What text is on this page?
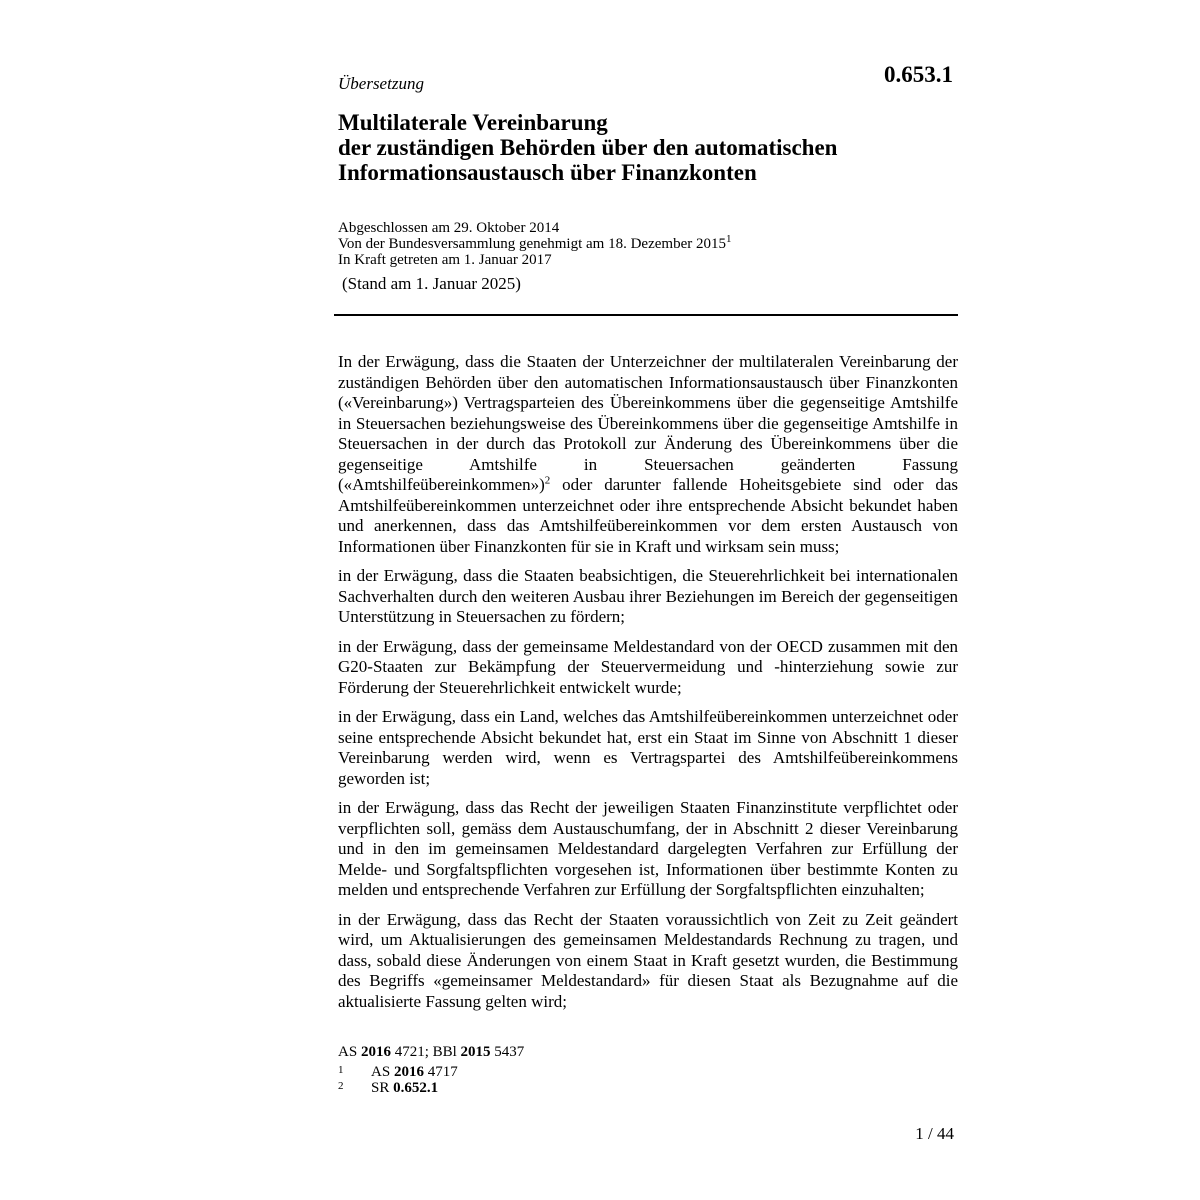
Übersetzung	0.653.1
Multilaterale Vereinbarung
der zuständigen Behörden über den automatischen
Informationsaustausch über Finanzkonten
Abgeschlossen am 29. Oktober 2014
Von der Bundesversammlung genehmigt am 18. Dezember 2015$^1$
In Kraft getreten am 1. Januar 2017
(Stand am 1. Januar 2025)

In der Erwägung, dass die Staaten der Unterzeichner der multilateralen Vereinbarung der zuständigen Behörden über den automatischen Informationsaustausch über Finanzkonten («Vereinbarung») Vertragsparteien des Übereinkommens über die gegenseitige Amtshilfe in Steuersachen beziehungsweise des Übereinkommens über die gegenseitige Amtshilfe in Steuersachen in der durch das Protokoll zur Änderung des Übereinkommens über die gegenseitige Amtshilfe in Steuersachen geänderten Fassung («Amtshilfeübereinkommen»)$^2$ oder darunter fallende Hoheitsgebiete sind oder das Amtshilfeübereinkommen unterzeichnet oder ihre entsprechende Absicht bekundet haben und anerkennen, dass das Amtshilfeübereinkommen vor dem ersten Austausch von Informationen über Finanzkonten für sie in Kraft und wirksam sein muss;

in der Erwägung, dass die Staaten beabsichtigen, die Steuerehrlichkeit bei internationalen Sachverhalten durch den weiteren Ausbau ihrer Beziehungen im Bereich der gegenseitigen Unterstützung in Steuersachen zu fördern;

in der Erwägung, dass der gemeinsame Meldestandard von der OECD zusammen mit den G20-Staaten zur Bekämpfung der Steuervermeidung und -hinterziehung sowie zur Förderung der Steuerehrlichkeit entwickelt wurde;

in der Erwägung, dass ein Land, welches das Amtshilfeübereinkommen unterzeichnet oder seine entsprechende Absicht bekundet hat, erst ein Staat im Sinne von Abschnitt 1 dieser Vereinbarung werden wird, wenn es Vertragspartei des Amtshilfeübereinkommens geworden ist;

in der Erwägung, dass das Recht der jeweiligen Staaten Finanzinstitute verpflichtet oder verpflichten soll, gemäss dem Austauschumfang, der in Abschnitt 2 dieser Vereinbarung und in den im gemeinsamen Meldestandard dargelegten Verfahren zur Erfüllung der Melde- und Sorgfaltspflichten vorgesehen ist, Informationen über bestimmte Konten zu melden und entsprechende Verfahren zur Erfüllung der Sorgfaltspflichten einzuhalten;

in der Erwägung, dass das Recht der Staaten voraussichtlich von Zeit zu Zeit geändert wird, um Aktualisierungen des gemeinsamen Meldestandards Rechnung zu tragen, und dass, sobald diese Änderungen von einem Staat in Kraft gesetzt wurden, die Bestimmung des Begriffs «gemeinsamer Meldestandard» für diesen Staat als Bezugnahme auf die aktualisierte Fassung gelten wird;

AS 2016 4721; BBl 2015 5437
1	AS 2016 4717
2	SR 0.652.1
1 / 44
